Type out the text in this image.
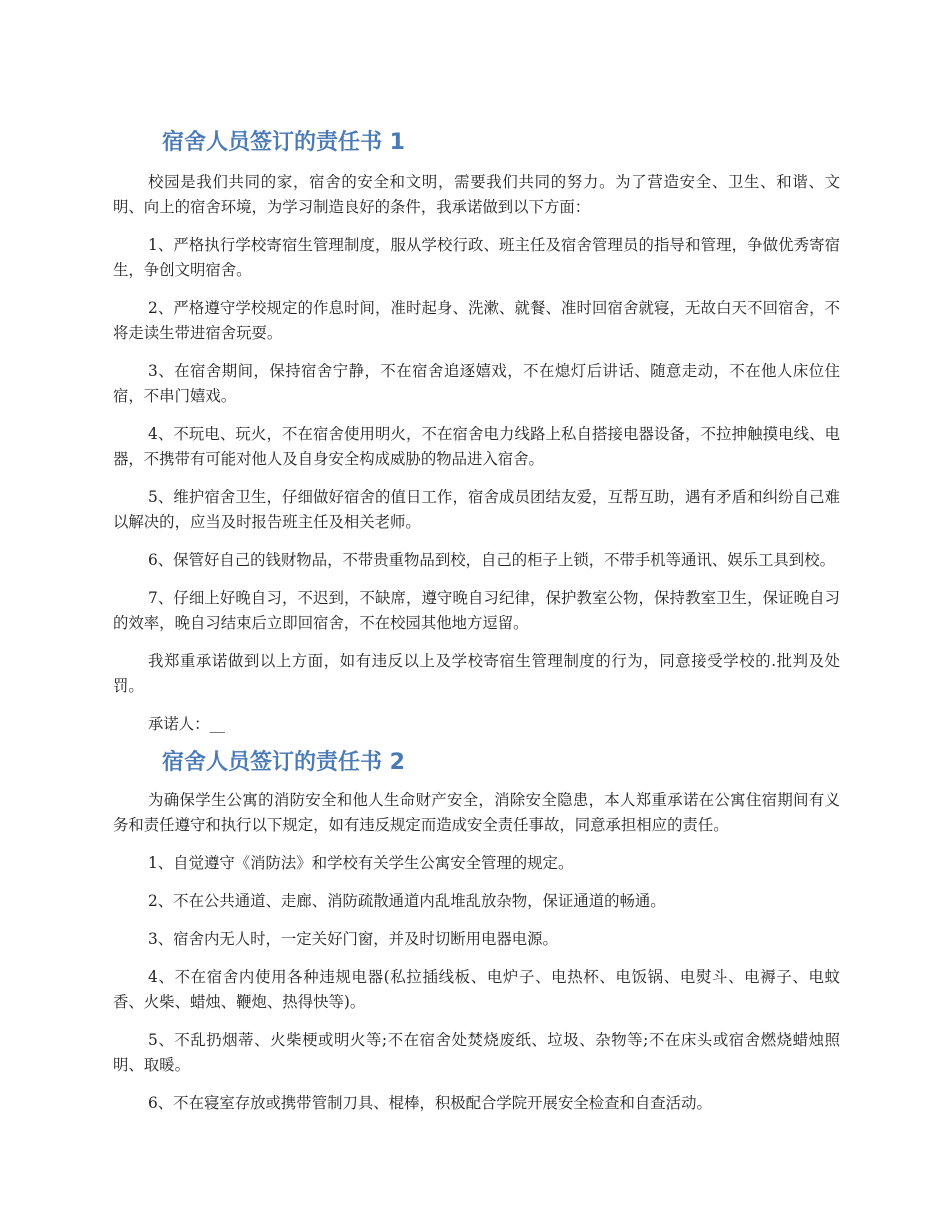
宿舍人员签订的责任书 1

校园是我们共同的家，宿舍的安全和文明，需要我们共同的努力。为了营造安全、卫生、和谐、文明、向上的宿舍环境，为学习制造良好的条件，我承诺做到以下方面：

1、严格执行学校寄宿生管理制度，服从学校行政、班主任及宿舍管理员的指导和管理，争做优秀寄宿生，争创文明宿舍。

2、严格遵守学校规定的作息时间，准时起身、洗漱、就餐、准时回宿舍就寝，无故白天不回宿舍，不将走读生带进宿舍玩耍。

3、在宿舍期间，保持宿舍宁静，不在宿舍追逐嬉戏，不在熄灯后讲话、随意走动，不在他人床位住宿，不串门嬉戏。

4、不玩电、玩火，不在宿舍使用明火，不在宿舍电力线路上私自搭接电器设备，不拉抻触摸电线、电器，不携带有可能对他人及自身安全构成威胁的物品进入宿舍。

5、维护宿舍卫生，仔细做好宿舍的值日工作，宿舍成员团结友爱，互帮互助，遇有矛盾和纠纷自己难以解决的，应当及时报告班主任及相关老师。

6、保管好自己的钱财物品，不带贵重物品到校，自己的柜子上锁，不带手机等通讯、娱乐工具到校。

7、仔细上好晚自习，不迟到，不缺席，遵守晚自习纪律，保护教室公物，保持教室卫生，保证晚自习的效率，晚自习结束后立即回宿舍，不在校园其他地方逗留。

我郑重承诺做到以上方面，如有违反以上及学校寄宿生管理制度的行为，同意接受学校的.批判及处罚。

承诺人：__

宿舍人员签订的责任书 2

为确保学生公寓的消防安全和他人生命财产安全，消除安全隐患，本人郑重承诺在公寓住宿期间有义务和责任遵守和执行以下规定，如有违反规定而造成安全责任事故，同意承担相应的责任。

1、自觉遵守《消防法》和学校有关学生公寓安全管理的规定。

2、不在公共通道、走廊、消防疏散通道内乱堆乱放杂物，保证通道的畅通。

3、宿舍内无人时，一定关好门窗，并及时切断用电器电源。

4、不在宿舍内使用各种违规电器(私拉插线板、电炉子、电热杯、电饭锅、电熨斗、电褥子、电蚊香、火柴、蜡烛、鞭炮、热得快等)。

5、不乱扔烟蒂、火柴梗或明火等;不在宿舍处焚烧废纸、垃圾、杂物等;不在床头或宿舍燃烧蜡烛照明、取暖。

6、不在寝室存放或携带管制刀具、棍棒，积极配合学院开展安全检查和自查活动。
